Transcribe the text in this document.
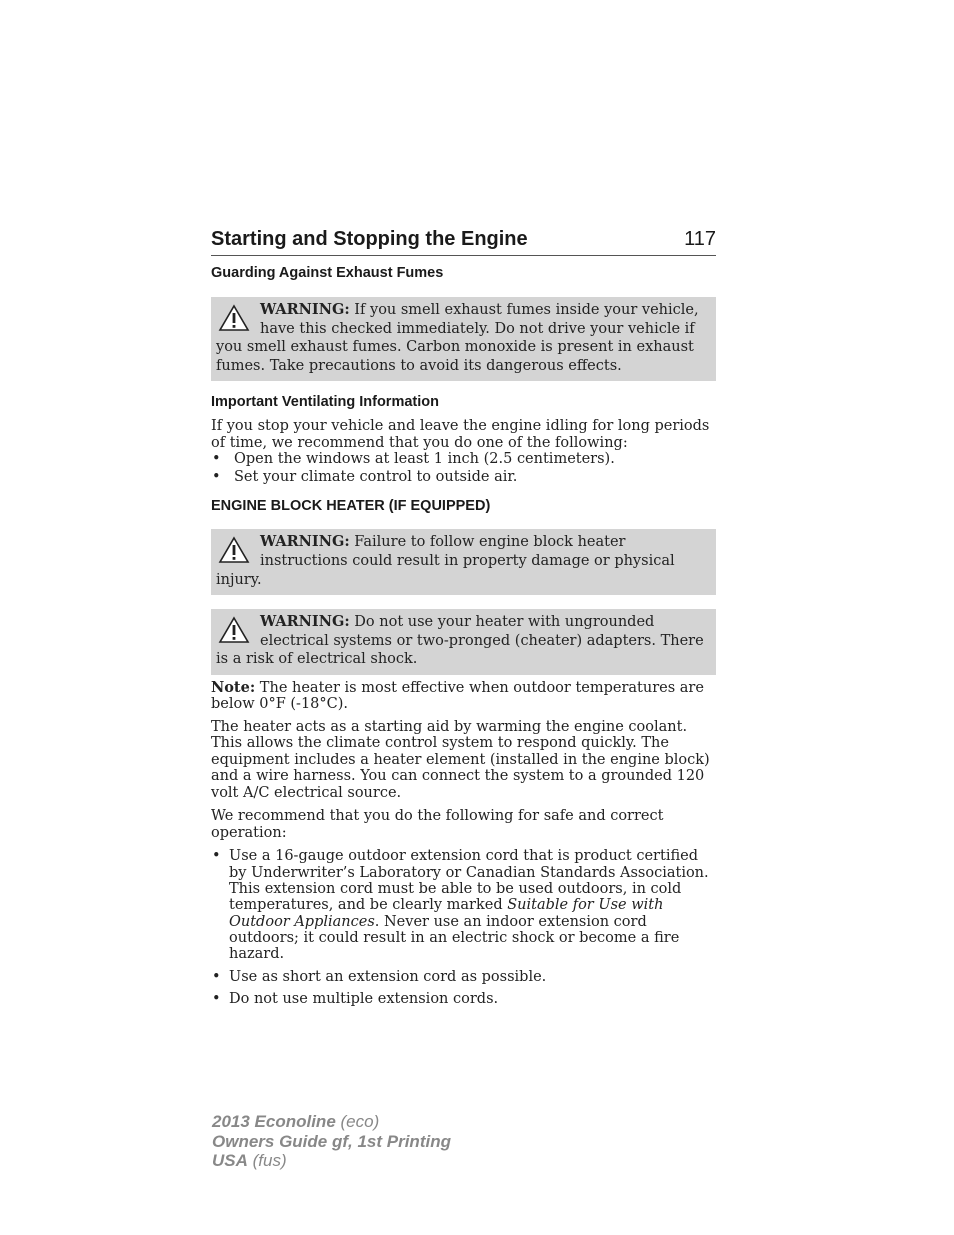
Starting and Stopping the Engine	117
Guarding Against Exhaust Fumes
WARNING: If you smell exhaust fumes inside your vehicle, have this checked immediately. Do not drive your vehicle if you smell exhaust fumes. Carbon monoxide is present in exhaust fumes. Take precautions to avoid its dangerous effects.
Important Ventilating Information

If you stop your vehicle and leave the engine idling for long periods of time, we recommend that you do one of the following:

• Open the windows at least 1 inch (2.5 centimeters).
• Set your climate control to outside air.
ENGINE BLOCK HEATER (IF EQUIPPED)
WARNING: Failure to follow engine block heater instructions could result in property damage or physical injury.
WARNING: Do not use your heater with ungrounded electrical systems or two-pronged (cheater) adapters. There is a risk of electrical shock.

Note: The heater is most effective when outdoor temperatures are below 0°F (-18°C).

The heater acts as a starting aid by warming the engine coolant. This allows the climate control system to respond quickly. The equipment includes a heater element (installed in the engine block) and a wire harness. You can connect the system to a grounded 120 volt A/C electrical source.

We recommend that you do the following for safe and correct operation:

• Use a 16-gauge outdoor extension cord that is product certified by Underwriter’s Laboratory or Canadian Standards Association. This extension cord must be able to be used outdoors, in cold temperatures, and be clearly marked Suitable for Use with Outdoor Appliances. Never use an indoor extension cord outdoors; it could result in an electric shock or become a fire hazard.
• Use as short an extension cord as possible.
• Do not use multiple extension cords.
2013 Econoline (eco)
Owners Guide gf, 1st Printing
USA (fus)
